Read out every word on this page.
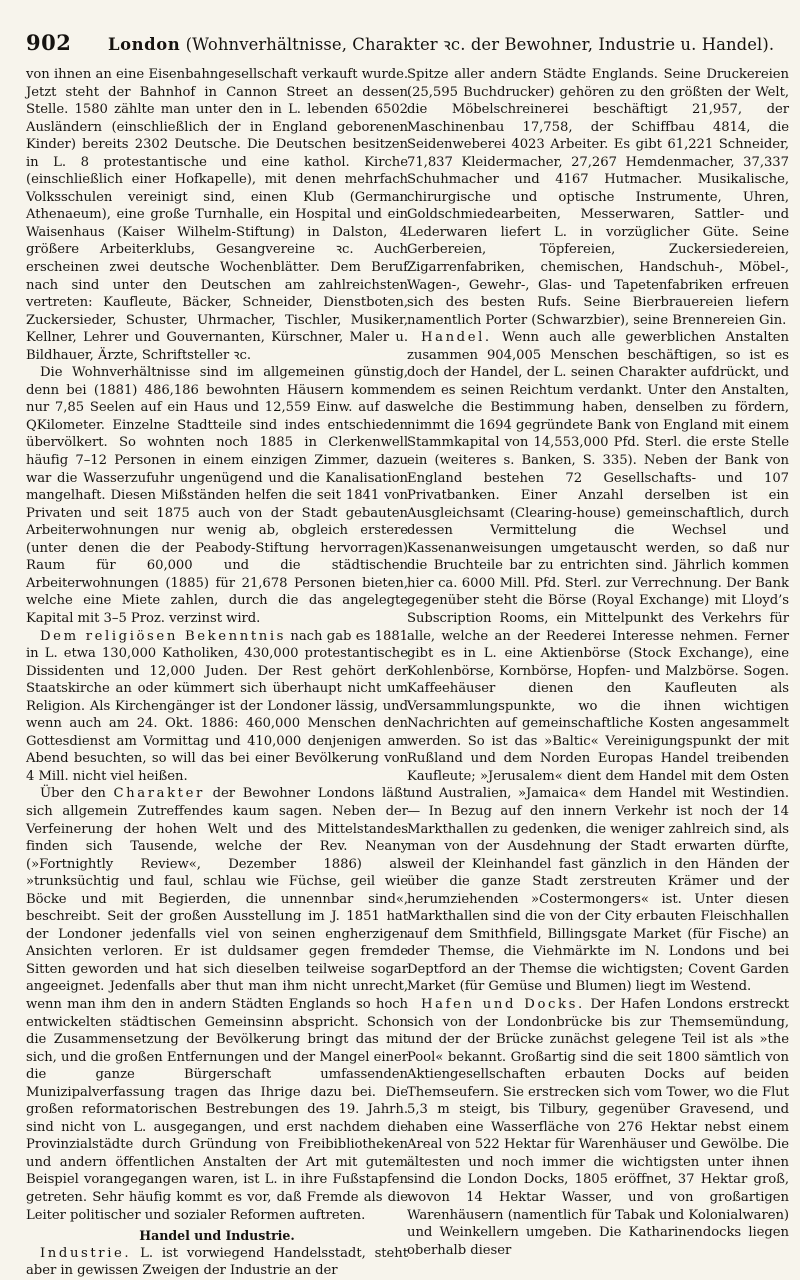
902	London (Wohnverhältnisse, Charakter ꝛc. der Bewohner, Industrie u. Handel).

von ihnen an eine Eisenbahngesellschaft verkauft wurde. Jetzt steht der Bahnhof in Cannon Street an dessen Stelle. 1580 zählte man unter den in L. lebenden 6502 Ausländern (einschließlich der in England geborenen Kinder) bereits 2302 Deutsche. Die Deutschen besitzen in L. 8 protestantische und eine kathol. Kirche (einschließlich einer Hofkapelle), mit denen mehrfach Volksschulen vereinigt sind, einen Klub (German Athenaeum), eine große Turnhalle, ein Hospital und ein Waisenhaus (Kaiser Wilhelm-Stiftung) in Dalston, 4 größere Arbeiterklubs, Gesangvereine ꝛc. Auch erscheinen zwei deutsche Wochenblätter. Dem Beruf nach sind unter den Deutschen am zahlreichsten vertreten: Kaufleute, Bäcker, Schneider, Dienstboten, Zuckersieder, Schuster, Uhrmacher, Tischler, Musiker, Kellner, Lehrer und Gouvernanten, Kürschner, Maler u. Bildhauer, Ärzte, Schriftsteller ꝛc.

Die Wohnverhältnisse sind im allgemeinen günstig, denn bei (1881) 486,186 bewohnten Häusern kommen nur 7,85 Seelen auf ein Haus und 12,559 Einw. auf das QKilometer. Einzelne Stadtteile sind indes entschieden übervölkert. So wohnten noch 1885 in Clerkenwell häufig 7–12 Personen in einem einzigen Zimmer, dazu war die Wasserzufuhr ungenügend und die Kanalisation mangelhaft. Diesen Mißständen helfen die seit 1841 von Privaten und seit 1875 auch von der Stadt gebauten Arbeiterwohnungen nur wenig ab, obgleich erstere (unter denen die der Peabody-Stiftung hervorragen) Raum für 60,000 und die städtischen Arbeiterwohnungen (1885) für 21,678 Personen bieten, welche eine Miete zahlen, durch die das angelegte Kapital mit 3–5 Proz. verzinst wird.

Dem religiösen Bekenntnis nach gab es 1881 in L. etwa 130,000 Katholiken, 430,000 protestantische Dissidenten und 12,000 Juden. Der Rest gehört der Staatskirche an oder kümmert sich überhaupt nicht um Religion. Als Kirchengänger ist der Londoner lässig, und wenn auch am 24. Okt. 1886: 460,000 Menschen den Gottesdienst am Vormittag und 410,000 denjenigen am Abend besuchten, so will das bei einer Bevölkerung von 4 Mill. nicht viel heißen.

Über den Charakter der Bewohner Londons läßt sich allgemein Zutreffendes kaum sagen. Neben der Verfeinerung der hohen Welt und des Mittelstandes finden sich Tausende, welche der Rev. Neany (»Fortnightly Review«, Dezember 1886) als »trunksüchtig und faul, schlau wie Füchse, geil wie Böcke und mit Begierden, die unnennbar sind«, beschreibt. Seit der großen Ausstellung im J. 1851 hat der Londoner jedenfalls viel von seinen engherzigen Ansichten verloren. Er ist duldsamer gegen fremde Sitten geworden und hat sich dieselben teilweise sogar angeeignet. Jedenfalls aber thut man ihm nicht unrecht, wenn man ihm den in andern Städten Englands so hoch entwickelten städtischen Gemeinsinn abspricht. Schon die Zusammensetzung der Bevölkerung bringt das mit sich, und die großen Entfernungen und der Mangel einer die ganze Bürgerschaft umfassenden Munizipalverfassung tragen das Ihrige dazu bei. Die großen reformatorischen Bestrebungen des 19. Jahrh. sind nicht von L. ausgegangen, und erst nachdem die Provinzialstädte durch Gründung von Freibibliotheken und andern öffentlichen Anstalten der Art mit gutem Beispiel vorangegangen waren, ist L. in ihre Fußstapfen getreten. Sehr häufig kommt es vor, daß Fremde als die Leiter politischer und sozialer Reformen auftreten.

Handel und Industrie.

Industrie. L. ist vorwiegend Handelsstadt, steht aber in gewissen Zweigen der Industrie an der

Spitze aller andern Städte Englands. Seine Druckereien (25,595 Buchdrucker) gehören zu den größten der Welt, die Möbelschreinerei beschäftigt 21,957, der Maschinenbau 17,758, der Schiffbau 4814, die Seidenweberei 4023 Arbeiter. Es gibt 61,221 Schneider, 71,837 Kleidermacher, 27,267 Hemdenmacher, 37,337 Schuhmacher und 4167 Hutmacher. Musikalische, chirurgische und optische Instrumente, Uhren, Goldschmiedearbeiten, Messerwaren, Sattler- und Lederwaren liefert L. in vorzüglicher Güte. Seine Gerbereien, Töpfereien, Zuckersiedereien, Zigarrenfabriken, chemischen, Handschuh-, Möbel-, Wagen-, Gewehr-, Glas- und Tapetenfabriken erfreuen sich des besten Rufs. Seine Bierbrauereien liefern namentlich Porter (Schwarzbier), seine Brennereien Gin.

Handel. Wenn auch alle gewerblichen Anstalten zusammen 904,005 Menschen beschäftigen, so ist es doch der Handel, der L. seinen Charakter aufdrückt, und dem es seinen Reichtum verdankt. Unter den Anstalten, welche die Bestimmung haben, denselben zu fördern, nimmt die 1694 gegründete Bank von England mit einem Stammkapital von 14,553,000 Pfd. Sterl. die erste Stelle ein (weiteres s. Banken, S. 335). Neben der Bank von England bestehen 72 Gesellschafts- und 107 Privatbanken. Einer Anzahl derselben ist ein Ausgleichsamt (Clearing-house) gemeinschaftlich, durch dessen Vermittelung die Wechsel und Kassenanweisungen umgetauscht werden, so daß nur die Bruchteile bar zu entrichten sind. Jährlich kommen hier ca. 6000 Mill. Pfd. Sterl. zur Verrechnung. Der Bank gegenüber steht die Börse (Royal Exchange) mit Lloyd’s Subscription Rooms, ein Mittelpunkt des Verkehrs für alle, welche an der Reederei Interesse nehmen. Ferner gibt es in L. eine Aktienbörse (Stock Exchange), eine Kohlenbörse, Kornbörse, Hopfen- und Malzbörse. Sogen. Kaffeehäuser dienen den Kaufleuten als Versammlungspunkte, wo die ihnen wichtigen Nachrichten auf gemeinschaftliche Kosten angesammelt werden. So ist das »Baltic« Vereinigungspunkt der mit Rußland und dem Norden Europas Handel treibenden Kaufleute; »Jerusalem« dient dem Handel mit dem Osten und Australien, »Jamaica« dem Handel mit Westindien. — In Bezug auf den innern Verkehr ist noch der 14 Markthallen zu gedenken, die weniger zahlreich sind, als man von der Ausdehnung der Stadt erwarten dürfte, weil der Kleinhandel fast gänzlich in den Händen der über die ganze Stadt zerstreuten Krämer und der herumziehenden »Costermongers« ist. Unter diesen Markthallen sind die von der City erbauten Fleischhallen auf dem Smithfield, Billingsgate Market (für Fische) an der Themse, die Viehmärkte im N. Londons und bei Deptford an der Themse die wichtigsten; Covent Garden Market (für Gemüse und Blumen) liegt im Westend.

Hafen und Docks. Der Hafen Londons erstreckt sich von der Londonbrücke bis zur Themsemündung, und der der Brücke zunächst gelegene Teil ist als »the Pool« bekannt. Großartig sind die seit 1800 sämtlich von Aktiengesellschaften erbauten Docks auf beiden Themseufern. Sie erstrecken sich vom Tower, wo die Flut 5,3 m steigt, bis Tilbury, gegenüber Gravesend, und haben eine Wasserfläche von 276 Hektar nebst einem Areal von 522 Hektar für Warenhäuser und Gewölbe. Die ältesten und noch immer die wichtigsten unter ihnen sind die London Docks, 1805 eröffnet, 37 Hektar groß, wovon 14 Hektar Wasser, und von großartigen Warenhäusern (namentlich für Tabak und Kolonialwaren) und Weinkellern umgeben. Die Katharinendocks liegen oberhalb dieser
